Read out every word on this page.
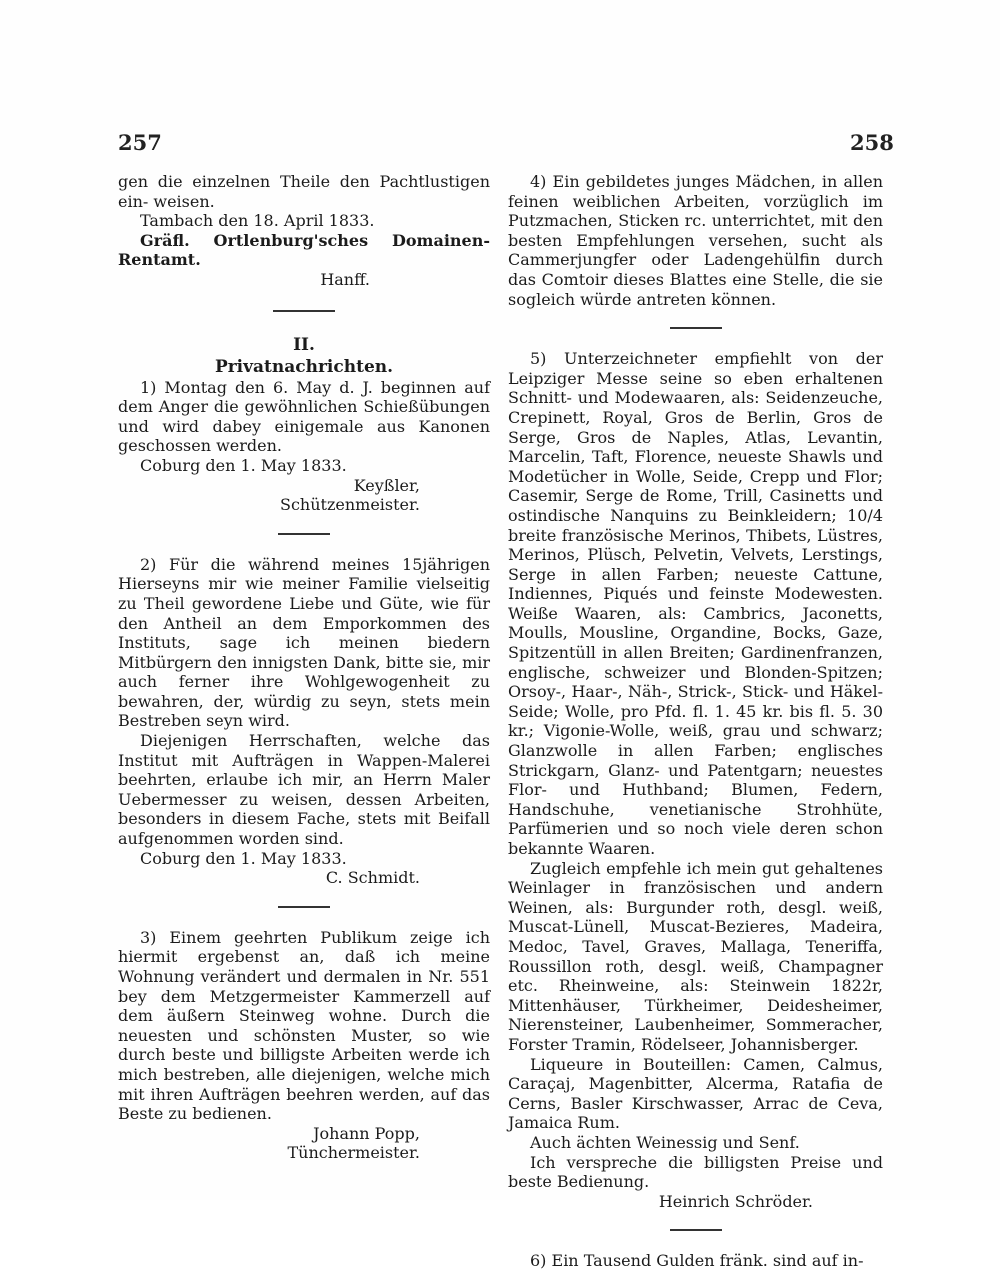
257	258

gen die einzelnen Theile den Pachtlustigen ein- weisen.

Tambach den 18. April 1833.

Gräfl. Ortlenburg'sches Domainen-Rentamt.

Hanff.

II.

Privatnachrichten.

1) Montag den 6. May d. J. beginnen auf dem Anger die gewöhnlichen Schießübungen und wird dabey einigemale aus Kanonen geschossen werden.

Coburg den 1. May 1833.

Keyßler,

Schützenmeister.

2) Für die während meines 15jährigen Hierseyns mir wie meiner Familie vielseitig zu Theil gewordene Liebe und Güte, wie für den Antheil an dem Emporkommen des Instituts, sage ich meinen biedern Mitbürgern den innigsten Dank, bitte sie, mir auch ferner ihre Wohlgewogenheit zu bewahren, der, würdig zu seyn, stets mein Bestreben seyn wird.

Diejenigen Herrschaften, welche das Institut mit Aufträgen in Wappen-Malerei beehrten, erlaube ich mir, an Herrn Maler Uebermesser zu weisen, dessen Arbeiten, besonders in diesem Fache, stets mit Beifall aufgenommen worden sind.

Coburg den 1. May 1833.

C. Schmidt.

3) Einem geehrten Publikum zeige ich hiermit ergebenst an, daß ich meine Wohnung verändert und dermalen in Nr. 551 bey dem Metzgermeister Kammerzell auf dem äußern Steinweg wohne. Durch die neuesten und schönsten Muster, so wie durch beste und billigste Arbeiten werde ich mich bestreben, alle diejenigen, welche mich mit ihren Aufträgen beehren werden, auf das Beste zu bedienen.

Johann Popp,

Tünchermeister.

4) Ein gebildetes junges Mädchen, in allen feinen weiblichen Arbeiten, vorzüglich im Putzmachen, Sticken rc. unterrichtet, mit den besten Empfehlungen versehen, sucht als Cammerjungfer oder Ladengehülfin durch das Comtoir dieses Blattes eine Stelle, die sie sogleich würde antreten können.

5) Unterzeichneter empfiehlt von der Leipziger Messe seine so eben erhaltenen Schnitt- und Modewaaren, als: Seidenzeuche, Crepinett, Royal, Gros de Berlin, Gros de Serge, Gros de Naples, Atlas, Levantin, Marcelin, Taft, Florence, neueste Shawls und Modetücher in Wolle, Seide, Crepp und Flor; Casemir, Serge de Rome, Trill, Casinetts und ostindische Nanquins zu Beinkleidern; 10/4 breite französische Merinos, Thibets, Lüstres, Merinos, Plüsch, Pelvetin, Velvets, Lerstings, Serge in allen Farben; neueste Cattune, Indiennes, Piqués und feinste Modewesten. Weiße Waaren, als: Cambrics, Jaconetts, Moulls, Mousline, Organdine, Bocks, Gaze, Spitzentüll in allen Breiten; Gardinenfranzen, englische, schweizer und Blonden-Spitzen; Orsoy-, Haar-, Näh-, Strick-, Stick- und Häkel-Seide; Wolle, pro Pfd. fl. 1. 45 kr. bis fl. 5. 30 kr.; Vigonie-Wolle, weiß, grau und schwarz; Glanzwolle in allen Farben; englisches Strickgarn, Glanz- und Patentgarn; neuestes Flor- und Huthband; Blumen, Federn, Handschuhe, venetianische Strohhüte, Parfümerien und so noch viele deren schon bekannte Waaren.

Zugleich empfehle ich mein gut gehaltenes Weinlager in französischen und andern Weinen, als: Burgunder roth, desgl. weiß, Muscat-Lünell, Muscat-Bezieres, Madeira, Medoc, Tavel, Graves, Mallaga, Teneriffa, Roussillon roth, desgl. weiß, Champagner etc. Rheinweine, als: Steinwein 1822r, Mittenhäuser, Türkheimer, Deidesheimer, Nierensteiner, Laubenheimer, Sommeracher, Forster Tramin, Rödelseer, Johannisberger.

Liqueure in Bouteillen: Camen, Calmus, Caraçaj, Magenbitter, Alcerma, Ratafia de Cerns, Basler Kirschwasser, Arrac de Ceva, Jamaica Rum.

Auch ächten Weinessig und Senf.

Ich verspreche die billigsten Preise und beste Bedienung.

Heinrich Schröder.

6) Ein Tausend Gulden fränk. sind auf in-
